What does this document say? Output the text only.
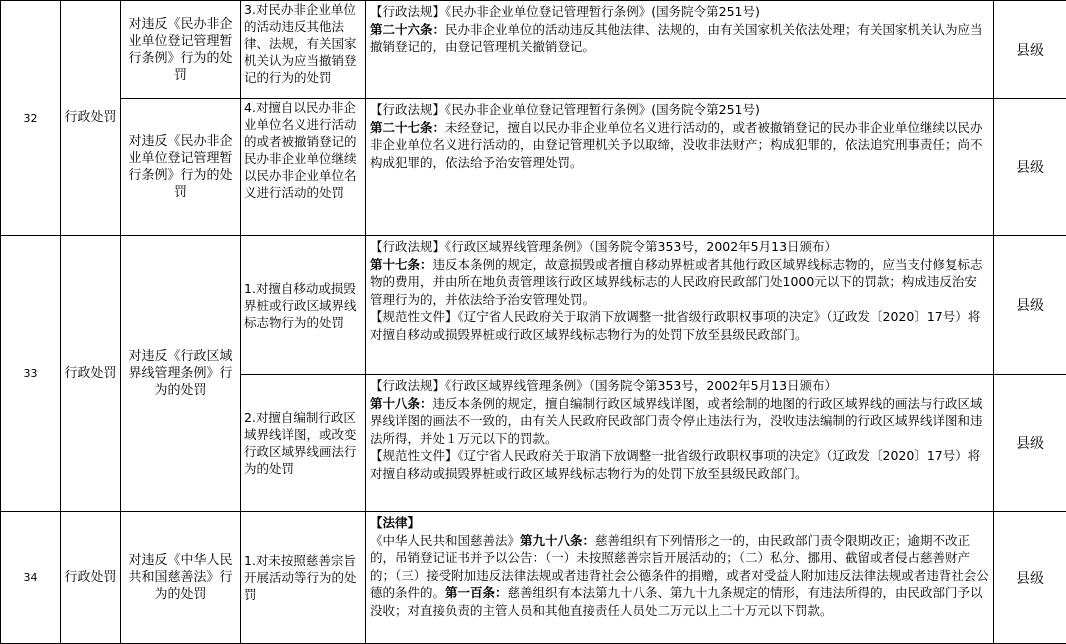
32	行政处罚	对违反《民办非企业单位登记管理暂行条例》行为的处罚	3.对民办非企业单位的活动违反其他法律、法规，有关国家机关认为应当撤销登记的行为的处罚	【行政法规】《民办非企业单位登记管理暂行条例》(国务院令第251号)
第二十六条：民办非企业单位的活动违反其他法律、法规的，由有关国家机关依法处理；有关国家机关认为应当撤销登记的，由登记管理机关撤销登记。	县级
		对违反《民办非企业单位登记管理暂行条例》行为的处罚	4.对擅自以民办非企业单位名义进行活动的或者被撤销登记的民办非企业单位继续以民办非企业单位名义进行活动的处罚	【行政法规】《民办非企业单位登记管理暂行条例》(国务院令第251号)
第二十七条：未经登记，擅自以民办非企业单位名义进行活动的，或者被撤销登记的民办非企业单位继续以民办非企业单位名义进行活动的，由登记管理机关予以取缔，没收非法财产；构成犯罪的，依法追究刑事责任；尚不构成犯罪的，依法给予治安管理处罚。	县级
33	行政处罚	对违反《行政区域界线管理条例》行为的处罚	1.对擅自移动或损毁界桩或行政区域界线标志物行为的处罚	【行政法规】《行政区域界线管理条例》（国务院令第353号，2002年5月13日颁布）
第十七条：违反本条例的规定，故意损毁或者擅自移动界桩或者其他行政区域界线标志物的，应当支付修复标志物的费用，并由所在地负责管理该行政区域界线标志的人民政府民政部门处1000元以下的罚款；构成违反治安管理行为的，并依法给予治安管理处罚。
【规范性文件】《辽宁省人民政府关于取消下放调整一批省级行政职权事项的决定》（辽政发〔2020〕17号）将对擅自移动或损毁界桩或行政区域界线标志物行为的处罚下放至县级民政部门。	县级
			2.对擅自编制行政区域界线详图，或改变行政区域界线画法行为的处罚	【行政法规】《行政区域界线管理条例》（国务院令第353号，2002年5月13日颁布）
第十八条：违反本条例的规定，擅自编制行政区域界线详图，或者绘制的地图的行政区域界线的画法与行政区域界线详图的画法不一致的，由有关人民政府民政部门责令停止违法行为，没收违法编制的行政区域界线详图和违法所得，并处１万元以下的罚款。
【规范性文件】《辽宁省人民政府关于取消下放调整一批省级行政职权事项的决定》（辽政发〔2020〕17号）将对擅自移动或损毁界桩或行政区域界线标志物行为的处罚下放至县级民政部门。	县级
34	行政处罚	对违反《中华人民共和国慈善法》行为的处罚	1.对未按照慈善宗旨开展活动等行为的处罚	【法律】
《中华人民共和国慈善法》第九十八条：慈善组织有下列情形之一的，由民政部门责令限期改正；逾期不改正的，吊销登记证书并予以公告：（一）未按照慈善宗旨开展活动的；（二）私分、挪用、截留或者侵占慈善财产的；（三）接受附加违反法律法规或者违背社会公德条件的捐赠，或者对受益人附加违反法律法规或者违背社会公德的条件的。第一百条：慈善组织有本法第九十八条、第九十九条规定的情形，有违法所得的，由民政部门予以没收；对直接负责的主管人员和其他直接责任人员处二万元以上二十万元以下罚款。	县级
